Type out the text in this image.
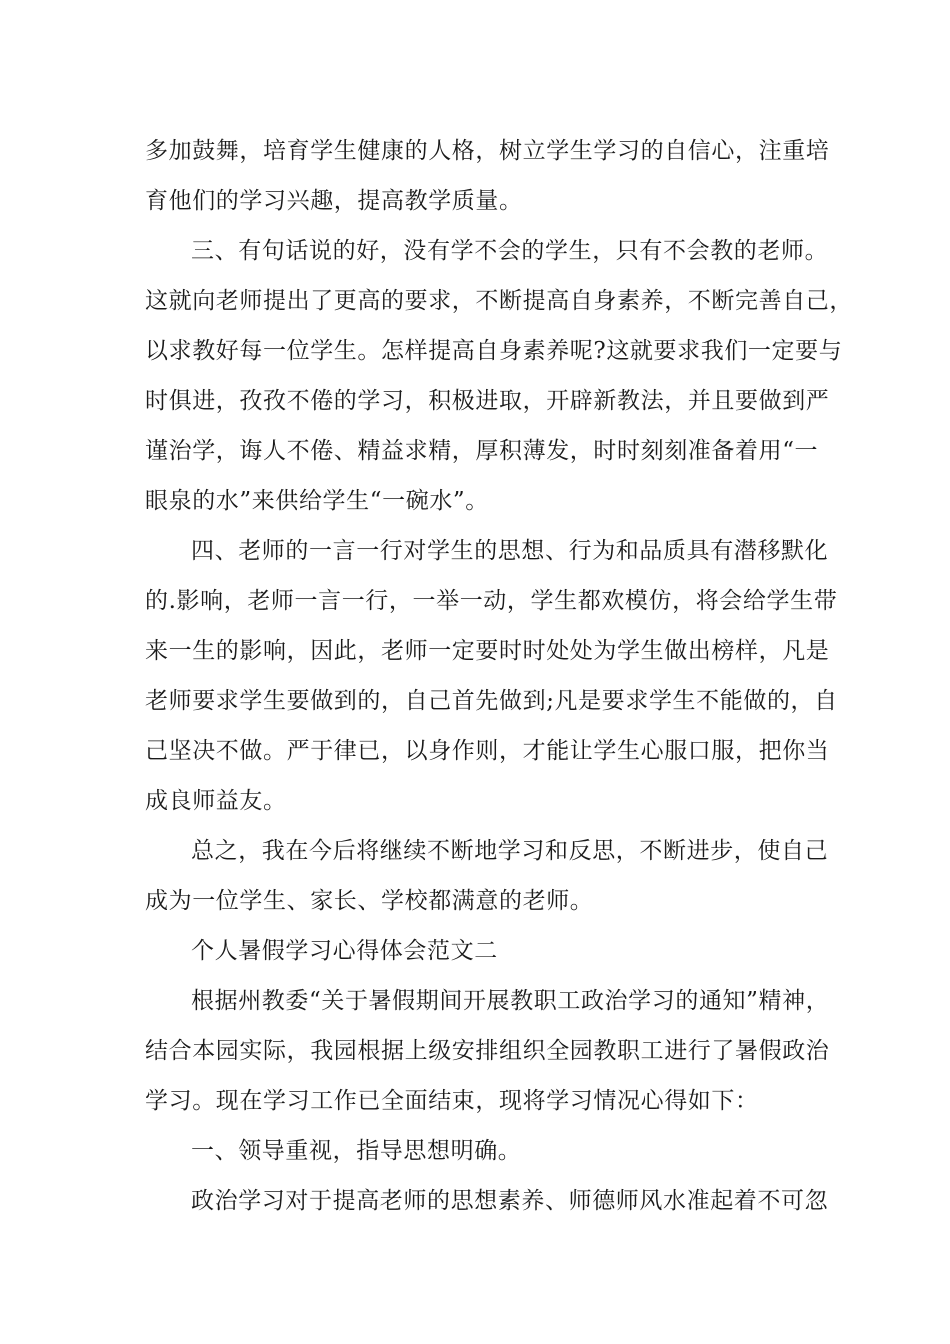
多加鼓舞，培育学生健康的人格，树立学生学习的自信心，注重培
育他们的学习兴趣，提高教学质量。
三、有句话说的好，没有学不会的学生，只有不会教的老师。
这就向老师提出了更高的要求，不断提高自身素养，不断完善自己，
以求教好每一位学生。怎样提高自身素养呢?这就要求我们一定要与
时俱进，孜孜不倦的学习，积极进取，开辟新教法，并且要做到严
谨治学，诲人不倦、精益求精，厚积薄发，时时刻刻准备着用“一
眼泉的水”来供给学生“一碗水”。
四、老师的一言一行对学生的思想、行为和品质具有潜移默化
的.影响，老师一言一行，一举一动，学生都欢模仿，将会给学生带
来一生的影响，因此，老师一定要时时处处为学生做出榜样，凡是
老师要求学生要做到的，自己首先做到;凡是要求学生不能做的，自
己坚决不做。严于律已，以身作则，才能让学生心服口服，把你当
成良师益友。
总之，我在今后将继续不断地学习和反思，不断进步，使自己
成为一位学生、家长、学校都满意的老师。
个人暑假学习心得体会范文二
根据州教委“关于暑假期间开展教职工政治学习的通知”精神，
结合本园实际，我园根据上级安排组织全园教职工进行了暑假政治
学习。现在学习工作已全面结束，现将学习情况心得如下：
一、领导重视，指导思想明确。
政治学习对于提高老师的思想素养、师德师风水准起着不可忽
